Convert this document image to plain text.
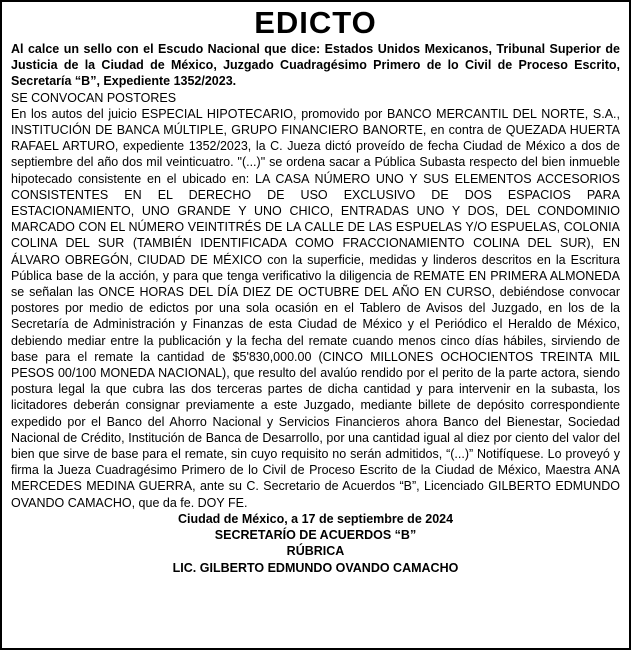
EDICTO

Al calce un sello con el Escudo Nacional que dice: Estados Unidos Mexicanos, Tribunal Superior de Justicia de la Ciudad de México, Juzgado Cuadragésimo Primero de lo Civil de Proceso Escrito, Secretaría “B”, Expediente 1352/2023.

SE CONVOCAN POSTORES

En los autos del juicio ESPECIAL HIPOTECARIO, promovido por BANCO MERCANTIL DEL NORTE, S.A., INSTITUCIÓN DE BANCA MÚLTIPLE, GRUPO FINANCIERO BANORTE, en contra de QUEZADA HUERTA RAFAEL ARTURO, expediente 1352/2023, la C. Jueza dictó proveído de fecha Ciudad de México a dos de septiembre del año dos mil veinticuatro. "(...)" se ordena sacar a Pública Subasta respecto del bien inmueble hipotecado consistente en el ubicado en: LA CASA NÚMERO UNO Y SUS ELEMENTOS ACCESORIOS CONSISTENTES EN EL DERECHO DE USO EXCLUSIVO DE DOS ESPACIOS PARA ESTACIONAMIENTO, UNO GRANDE Y UNO CHICO, ENTRADAS UNO Y DOS, DEL CONDOMINIO MARCADO CON EL NÚMERO VEINTITRÉS DE LA CALLE DE LAS ESPUELAS Y/O ESPUELAS, COLONIA COLINA DEL SUR (TAMBIÉN IDENTIFICADA COMO FRACCIONAMIENTO COLINA DEL SUR), EN ÁLVARO OBREGÓN, CIUDAD DE MÉXICO con la superficie, medidas y linderos descritos en la Escritura Pública base de la acción, y para que tenga verificativo la diligencia de REMATE EN PRIMERA ALMONEDA se señalan las ONCE HORAS DEL DÍA DIEZ DE OCTUBRE DEL AÑO EN CURSO, debiéndose convocar postores por medio de edictos por una sola ocasión en el Tablero de Avisos del Juzgado, en los de la Secretaría de Administración y Finanzas de esta Ciudad de México y el Periódico el Heraldo de México, debiendo mediar entre la publicación y la fecha del remate cuando menos cinco días hábiles, sirviendo de base para el remate la cantidad de $5'830,000.00 (CINCO MILLONES OCHOCIENTOS TREINTA MIL PESOS 00/100 MONEDA NACIONAL), que resulto del avalúo rendido por el perito de la parte actora, siendo postura legal la que cubra las dos terceras partes de dicha cantidad y para intervenir en la subasta, los licitadores deberán consignar previamente a este Juzgado, mediante billete de depósito correspondiente expedido por el Banco del Ahorro Nacional y Servicios Financieros ahora Banco del Bienestar, Sociedad Nacional de Crédito, Institución de Banca de Desarrollo, por una cantidad igual al diez por ciento del valor del bien que sirve de base para el remate, sin cuyo requisito no serán admitidos, “(...)” Notifíquese. Lo proveyó y firma la Jueza Cuadragésimo Primero de lo Civil de Proceso Escrito de la Ciudad de México, Maestra ANA MERCEDES MEDINA GUERRA, ante su C. Secretario de Acuerdos “B”, Licenciado GILBERTO EDMUNDO OVANDO CAMACHO, que da fe. DOY FE.

Ciudad de México, a 17 de septiembre de 2024

SECRETARÍO DE ACUERDOS “B”

RÚBRICA

LIC. GILBERTO EDMUNDO OVANDO CAMACHO
